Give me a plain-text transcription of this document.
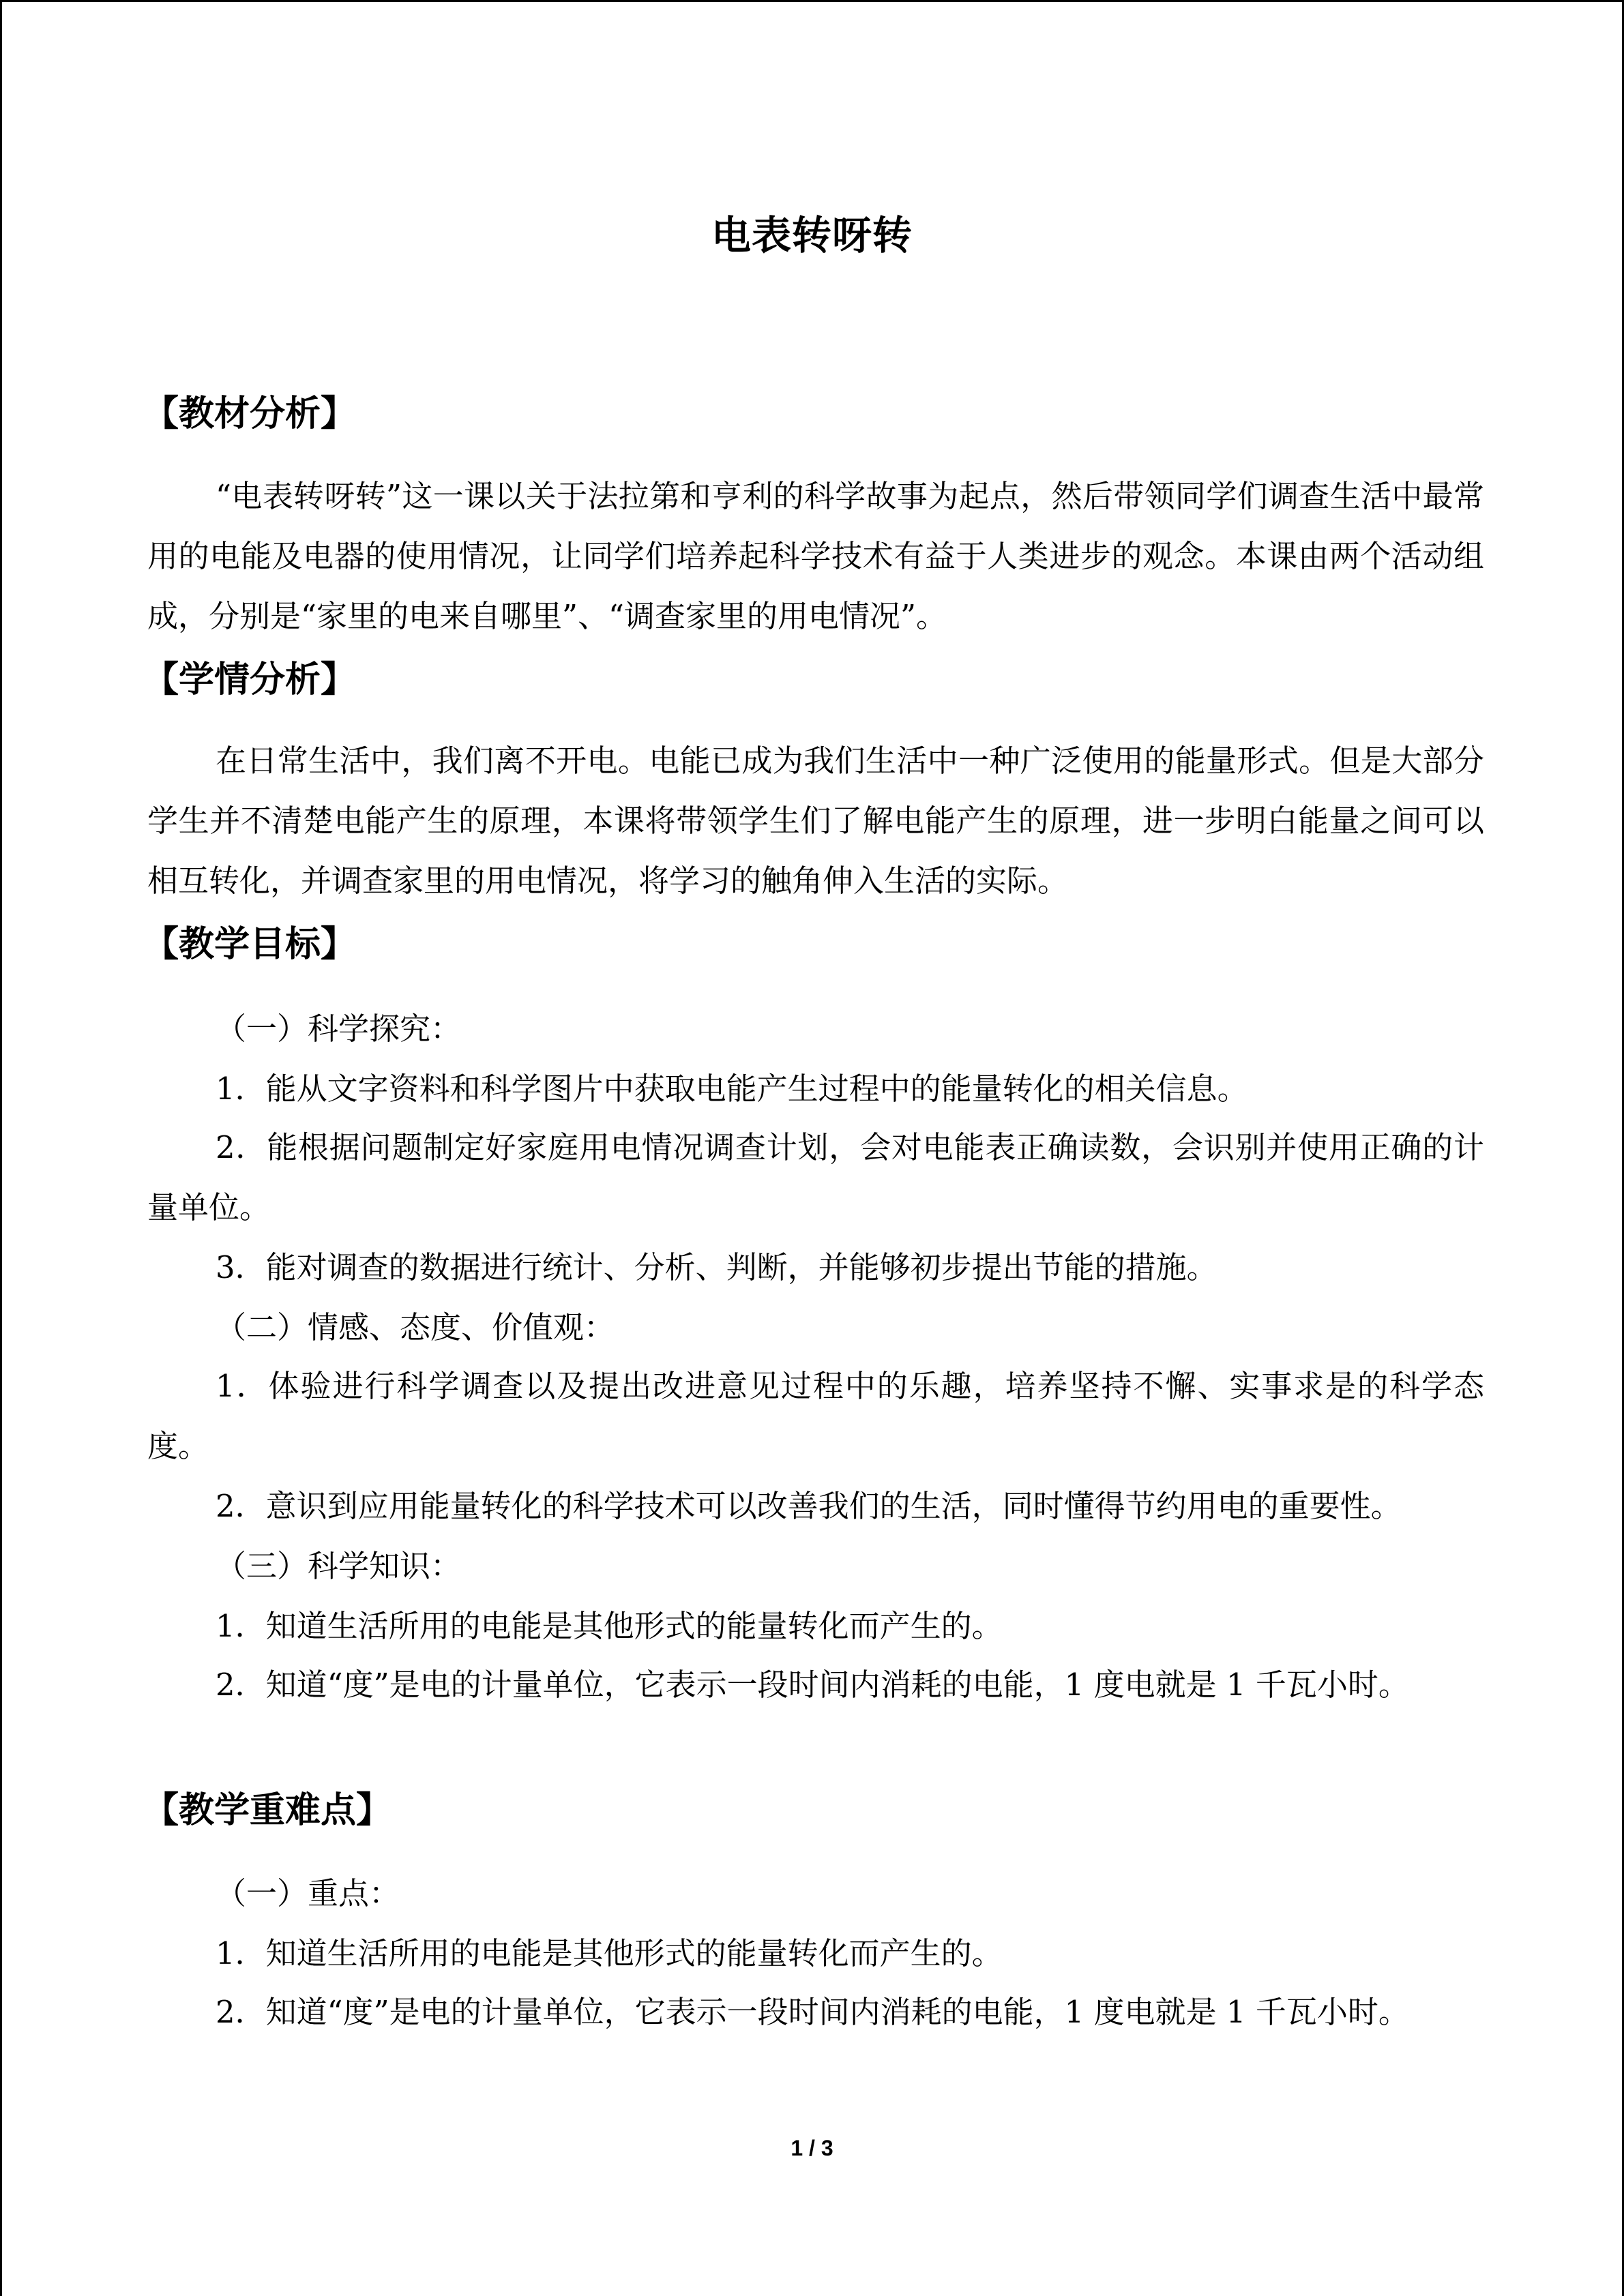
电表转呀转
【教材分析】
“电表转呀转”这一课以关于法拉第和亨利的科学故事为起点，然后带领同学们调查生活中最常用的电能及电器的使用情况，让同学们培养起科学技术有益于人类进步的观念。本课由两个活动组成，分别是“家里的电来自哪里”、“调查家里的用电情况”。
【学情分析】
在日常生活中，我们离不开电。电能已成为我们生活中一种广泛使用的能量形式。但是大部分学生并不清楚电能产生的原理，本课将带领学生们了解电能产生的原理，进一步明白能量之间可以相互转化，并调查家里的用电情况，将学习的触角伸入生活的实际。
【教学目标】
（一）科学探究：
1．能从文字资料和科学图片中获取电能产生过程中的能量转化的相关信息。
2．能根据问题制定好家庭用电情况调查计划，会对电能表正确读数，会识别并使用正确的计量单位。
3．能对调查的数据进行统计、分析、判断，并能够初步提出节能的措施。
（二）情感、态度、价值观：
1．体验进行科学调查以及提出改进意见过程中的乐趣，培养坚持不懈、实事求是的科学态度。
2．意识到应用能量转化的科学技术可以改善我们的生活，同时懂得节约用电的重要性。
（三）科学知识：
1．知道生活所用的电能是其他形式的能量转化而产生的。
2．知道“度”是电的计量单位，它表示一段时间内消耗的电能，1 度电就是 1 千瓦小时。
【教学重难点】
（一）重点：
1．知道生活所用的电能是其他形式的能量转化而产生的。
2．知道“度”是电的计量单位，它表示一段时间内消耗的电能，1 度电就是 1 千瓦小时。
1 / 3
